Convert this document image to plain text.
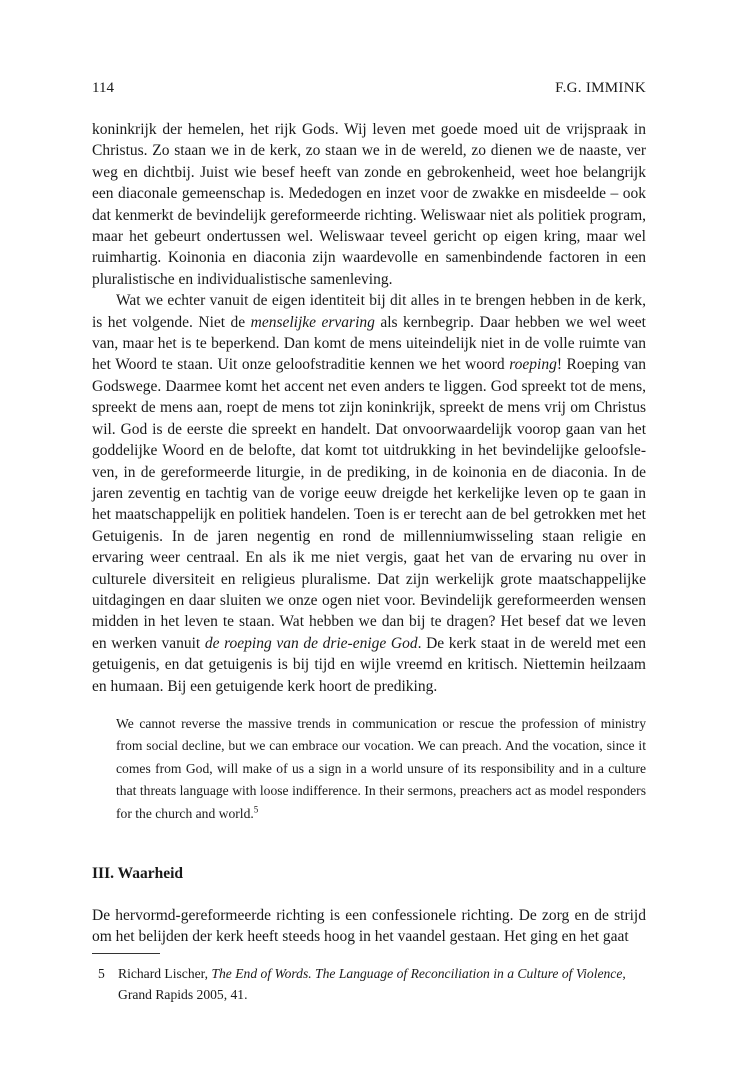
114	F.G. IMMINK

koninkrijk der hemelen, het rijk Gods. Wij leven met goede moed uit de vrijspraak in Christus. Zo staan we in de kerk, zo staan we in de wereld, zo dienen we de naaste, ver weg en dichtbij. Juist wie besef heeft van zonde en gebrokenheid, weet hoe belangrijk een diaconale gemeenschap is. Mededogen en inzet voor de zwakke en misdeelde – ook dat kenmerkt de bevindelijk gereformeerde richting. Weliswaar niet als politiek program, maar het gebeurt ondertussen wel. Weliswaar teveel gericht op eigen kring, maar wel ruimhartig. Koinonia en diaconia zijn waardevolle en samenbindende factoren in een pluralistische en individualistische samenleving.

Wat we echter vanuit de eigen identiteit bij dit alles in te brengen hebben in de kerk, is het volgende. Niet de menselijke ervaring als kernbegrip. Daar hebben we wel weet van, maar het is te beperkend. Dan komt de mens uiteindelijk niet in de volle ruimte van het Woord te staan. Uit onze geloofstraditie kennen we het woord roeping! Roeping van Godswege. Daarmee komt het accent net even anders te liggen. God spreekt tot de mens, spreekt de mens aan, roept de mens tot zijn koninkrijk, spreekt de mens vrij om Christus wil. God is de eerste die spreekt en handelt. Dat onvoorwaardelijk voorop gaan van het goddelijke Woord en de belofte, dat komt tot uitdrukking in het bevindelijke geloofsleven, in de gereformeerde liturgie, in de prediking, in de koinonia en de diaconia. In de jaren zeventig en tachtig van de vorige eeuw dreigde het kerkelijke leven op te gaan in het maatschappelijk en politiek handelen. Toen is er terecht aan de bel getrokken met het Getuigenis. In de jaren negentig en rond de millenniumwisseling staan religie en ervaring weer centraal. En als ik me niet vergis, gaat het van de ervaring nu over in culturele diversiteit en religieus pluralisme. Dat zijn werkelijk grote maatschappelijke uitdagingen en daar sluiten we onze ogen niet voor. Bevindelijk gereformeerden wensen midden in het leven te staan. Wat hebben we dan bij te dragen? Het besef dat we leven en werken vanuit de roeping van de drie-enige God. De kerk staat in de wereld met een getuigenis, en dat getuigenis is bij tijd en wijle vreemd en kritisch. Niettemin heilzaam en humaan. Bij een getuigende kerk hoort de prediking.

We cannot reverse the massive trends in communication or rescue the profession of ministry from social decline, but we can embrace our vocation. We can preach. And the vocation, since it comes from God, will make of us a sign in a world unsure of its responsibility and in a culture that threats language with loose indifference. In their sermons, preachers act as model responders for the church and world.$^5$
III. Waarheid

De hervormd-gereformeerde richting is een confessionele richting. De zorg en de strijd om het belijden der kerk heeft steeds hoog in het vaandel gestaan. Het ging en het gaat

5 Richard Lischer, The End of Words. The Language of Reconciliation in a Culture of Violence, Grand Rapids 2005, 41.
